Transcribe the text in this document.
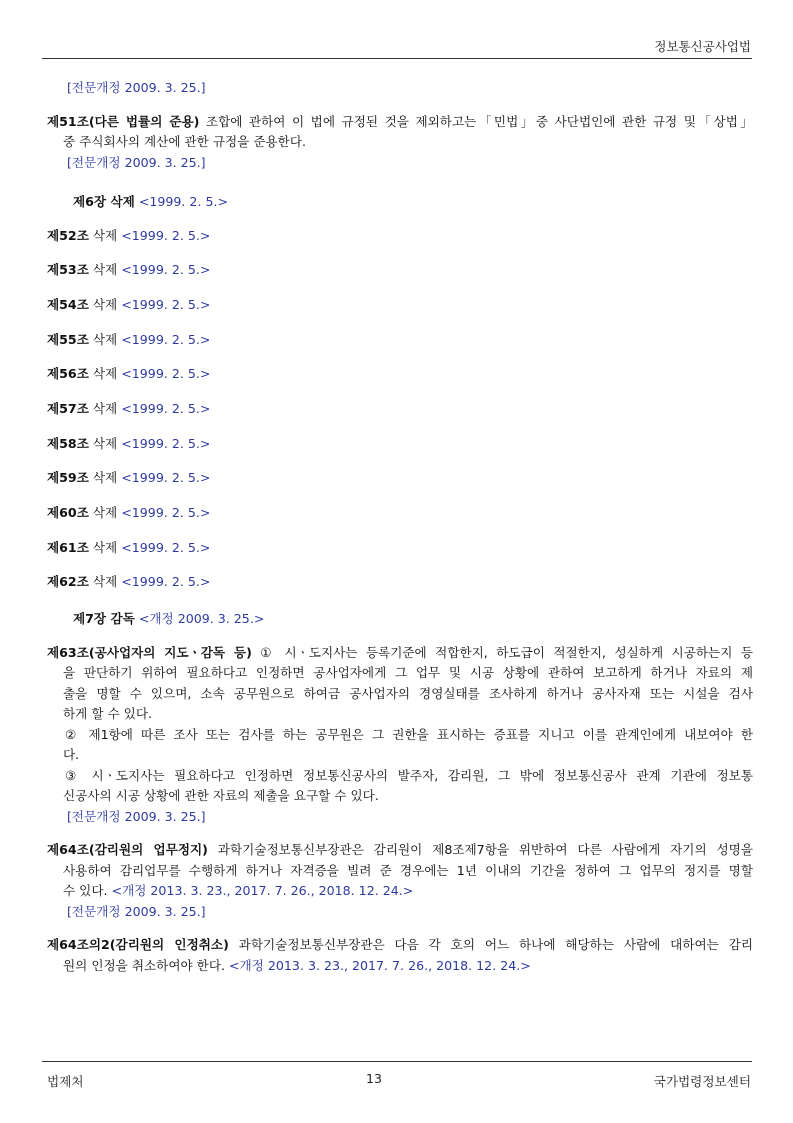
정보통신공사업법
[전문개정 2009. 3. 25.]
제51조(다른 법률의 준용) 조합에 관하여 이 법에 규정된 것을 제외하고는「민법」중 사단법인에 관한 규정 및「상법」
중 주식회사의 계산에 관한 규정을 준용한다.
[전문개정 2009. 3. 25.]
제6장 삭제 <1999. 2. 5.>
제52조 삭제 <1999. 2. 5.>
제53조 삭제 <1999. 2. 5.>
제54조 삭제 <1999. 2. 5.>
제55조 삭제 <1999. 2. 5.>
제56조 삭제 <1999. 2. 5.>
제57조 삭제 <1999. 2. 5.>
제58조 삭제 <1999. 2. 5.>
제59조 삭제 <1999. 2. 5.>
제60조 삭제 <1999. 2. 5.>
제61조 삭제 <1999. 2. 5.>
제62조 삭제 <1999. 2. 5.>
제7장 감독 <개정 2009. 3. 25.>
제63조(공사업자의 지도ㆍ감독 등) ① 시ㆍ도지사는 등록기준에 적합한지, 하도급이 적절한지, 성실하게 시공하는지 등
을 판단하기 위하여 필요하다고 인정하면 공사업자에게 그 업무 및 시공 상황에 관하여 보고하게 하거나 자료의 제
출을 명할 수 있으며, 소속 공무원으로 하여금 공사업자의 경영실태를 조사하게 하거나 공사자재 또는 시설을 검사
하게 할 수 있다.
② 제1항에 따른 조사 또는 검사를 하는 공무원은 그 권한을 표시하는 증표를 지니고 이를 관계인에게 내보여야 한
다.
③ 시ㆍ도지사는 필요하다고 인정하면 정보통신공사의 발주자, 감리원, 그 밖에 정보통신공사 관계 기관에 정보통
신공사의 시공 상황에 관한 자료의 제출을 요구할 수 있다.
[전문개정 2009. 3. 25.]
제64조(감리원의 업무정지) 과학기술정보통신부장관은 감리원이 제8조제7항을 위반하여 다른 사람에게 자기의 성명을
사용하여 감리업무를 수행하게 하거나 자격증을 빌려 준 경우에는 1년 이내의 기간을 정하여 그 업무의 정지를 명할
수 있다. <개정 2013. 3. 23., 2017. 7. 26., 2018. 12. 24.>
[전문개정 2009. 3. 25.]
제64조의2(감리원의 인정취소) 과학기술정보통신부장관은 다음 각 호의 어느 하나에 해당하는 사람에 대하여는 감리
원의 인정을 취소하여야 한다. <개정 2013. 3. 23., 2017. 7. 26., 2018. 12. 24.>
법제처	13	국가법령정보센터
